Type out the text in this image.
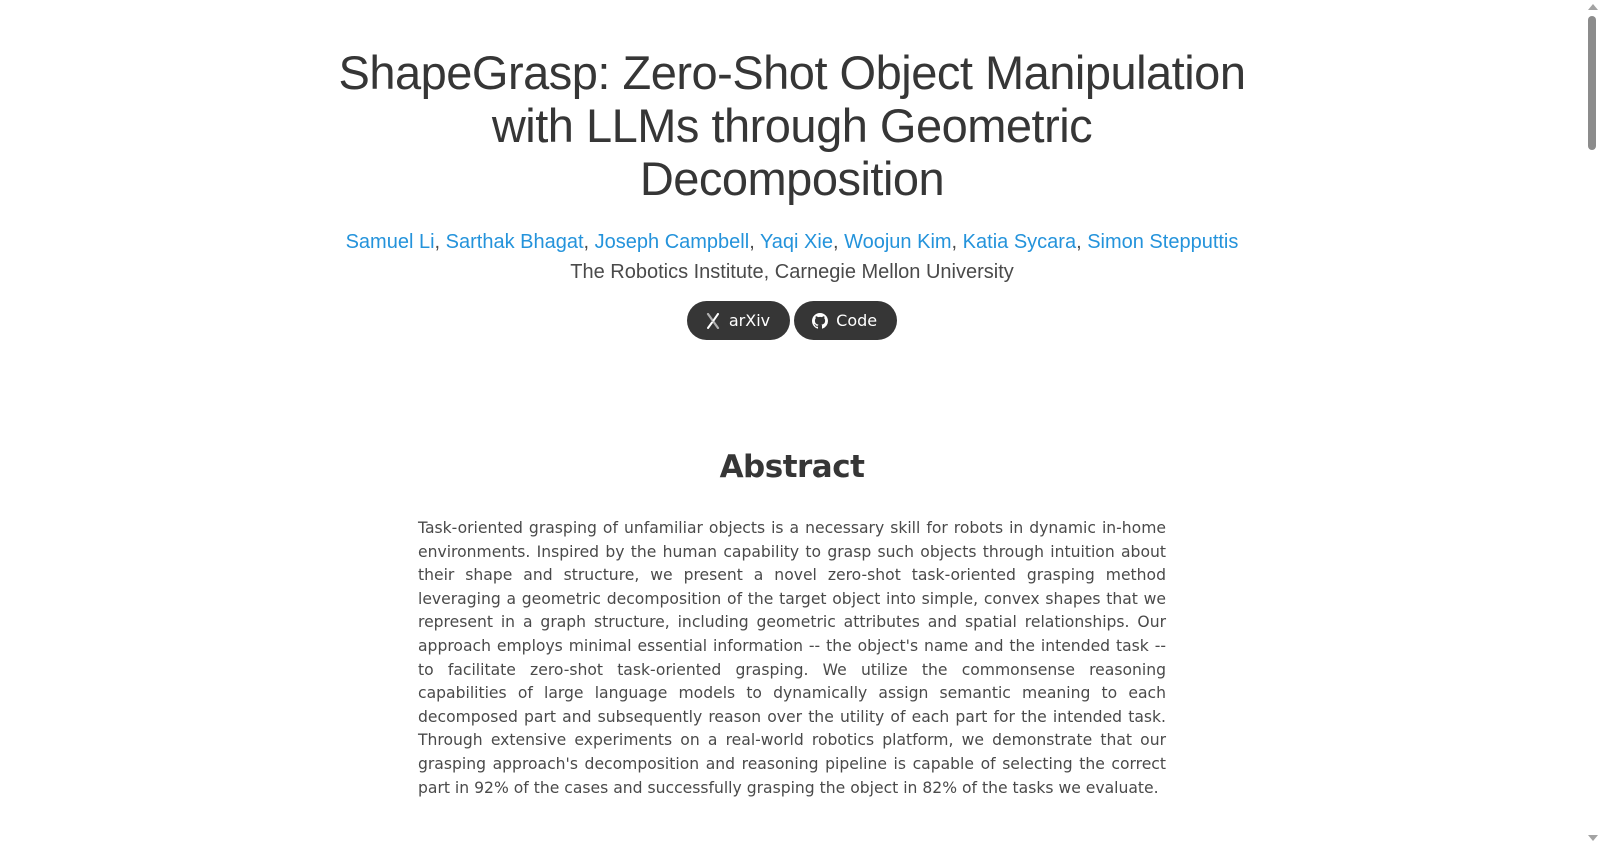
ShapeGrasp: Zero-Shot Object Manipulation
with LLMs through Geometric
Decomposition
Samuel Li, Sarthak Bhagat, Joseph Campbell, Yaqi Xie, Woojun Kim, Katia Sycara, Simon Stepputtis
The Robotics Institute, Carnegie Mellon University
arXiv	Code
Abstract

Task-oriented grasping of unfamiliar objects is a necessary skill for robots in dynamic in-home environments. Inspired by the human capability to grasp such objects through intuition about their shape and structure, we present a novel zero-shot task-oriented grasping method leveraging a geometric decomposition of the target object into simple, convex shapes that we represent in a graph structure, including geometric attributes and spatial relationships. Our approach employs minimal essential information -- the object's name and the intended task -- to facilitate zero-shot task-oriented grasping. We utilize the commonsense reasoning capabilities of large language models to dynamically assign semantic meaning to each decomposed part and subsequently reason over the utility of each part for the intended task. Through extensive experiments on a real-world robotics platform, we demonstrate that our grasping approach's decomposition and reasoning pipeline is capable of selecting the correct part in 92% of the cases and successfully grasping the object in 82% of the tasks we evaluate.
